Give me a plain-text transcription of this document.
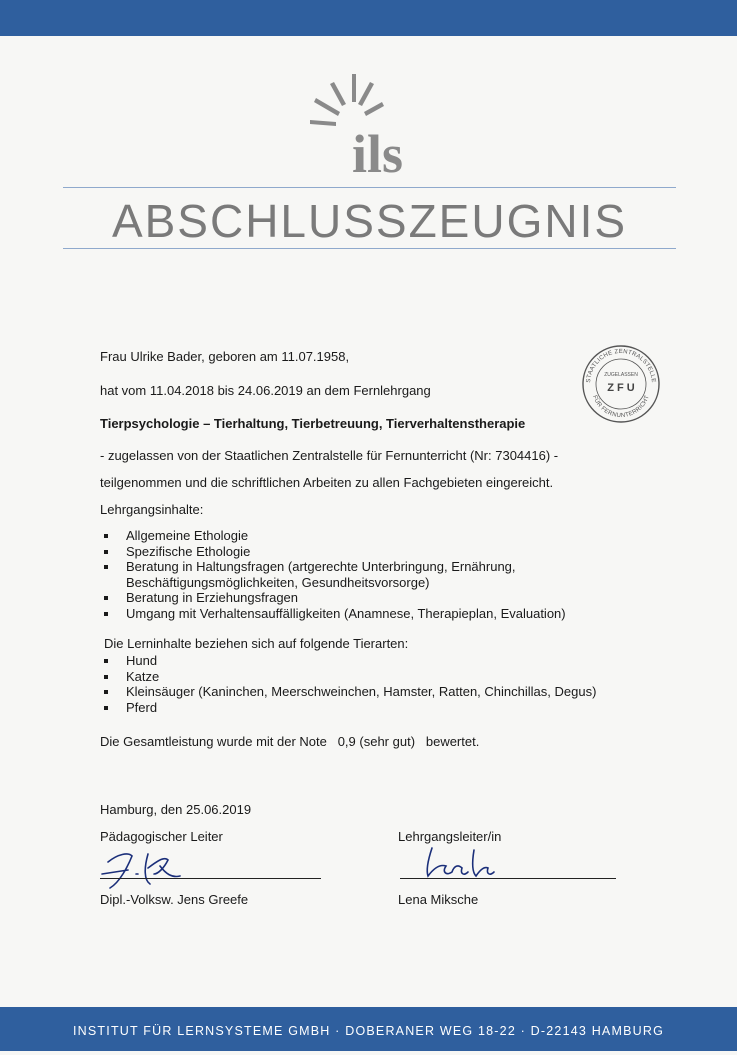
ils
ABSCHLUSSZEUGNIS
Frau Ulrike Bader, geboren am 11.07.1958,
hat vom 11.04.2018 bis 24.06.2019 an dem Fernlehrgang
Tierpsychologie – Tierhaltung, Tierbetreuung, Tierverhaltenstherapie
- zugelassen von der Staatlichen Zentralstelle für Fernunterricht (Nr: 7304416) -
teilgenommen und die schriftlichen Arbeiten zu allen Fachgebieten eingereicht.
Lehrgangsinhalte:
Allgemeine Ethologie
Spezifische Ethologie
Beratung in Haltungsfragen (artgerechte Unterbringung, Ernährung,
Beschäftigungsmöglichkeiten, Gesundheitsvorsorge)
Beratung in Erziehungsfragen
Umgang mit Verhaltensauffälligkeiten (Anamnese, Therapieplan, Evaluation)
Die Lerninhalte beziehen sich auf folgende Tierarten:
Hund
Katze
Kleinsäuger (Kaninchen, Meerschweinchen, Hamster, Ratten, Chinchillas, Degus)
Pferd
Die Gesamtleistung wurde mit der Note   0,9 (sehr gut)   bewertet.
STAATLICHE ZENTRALSTELLE
FÜR FERNUNTERRICHT
ZUGELASSEN
Z F U
Hamburg, den 25.06.2019
Pädagogischer Leiter	Lehrgangsleiter/in
Dipl.-Volksw. Jens Greefe	Lena Miksche
INSTITUT FÜR LERNSYSTEME GMBH · DOBERANER WEG 18-22 · D-22143 HAMBURG
